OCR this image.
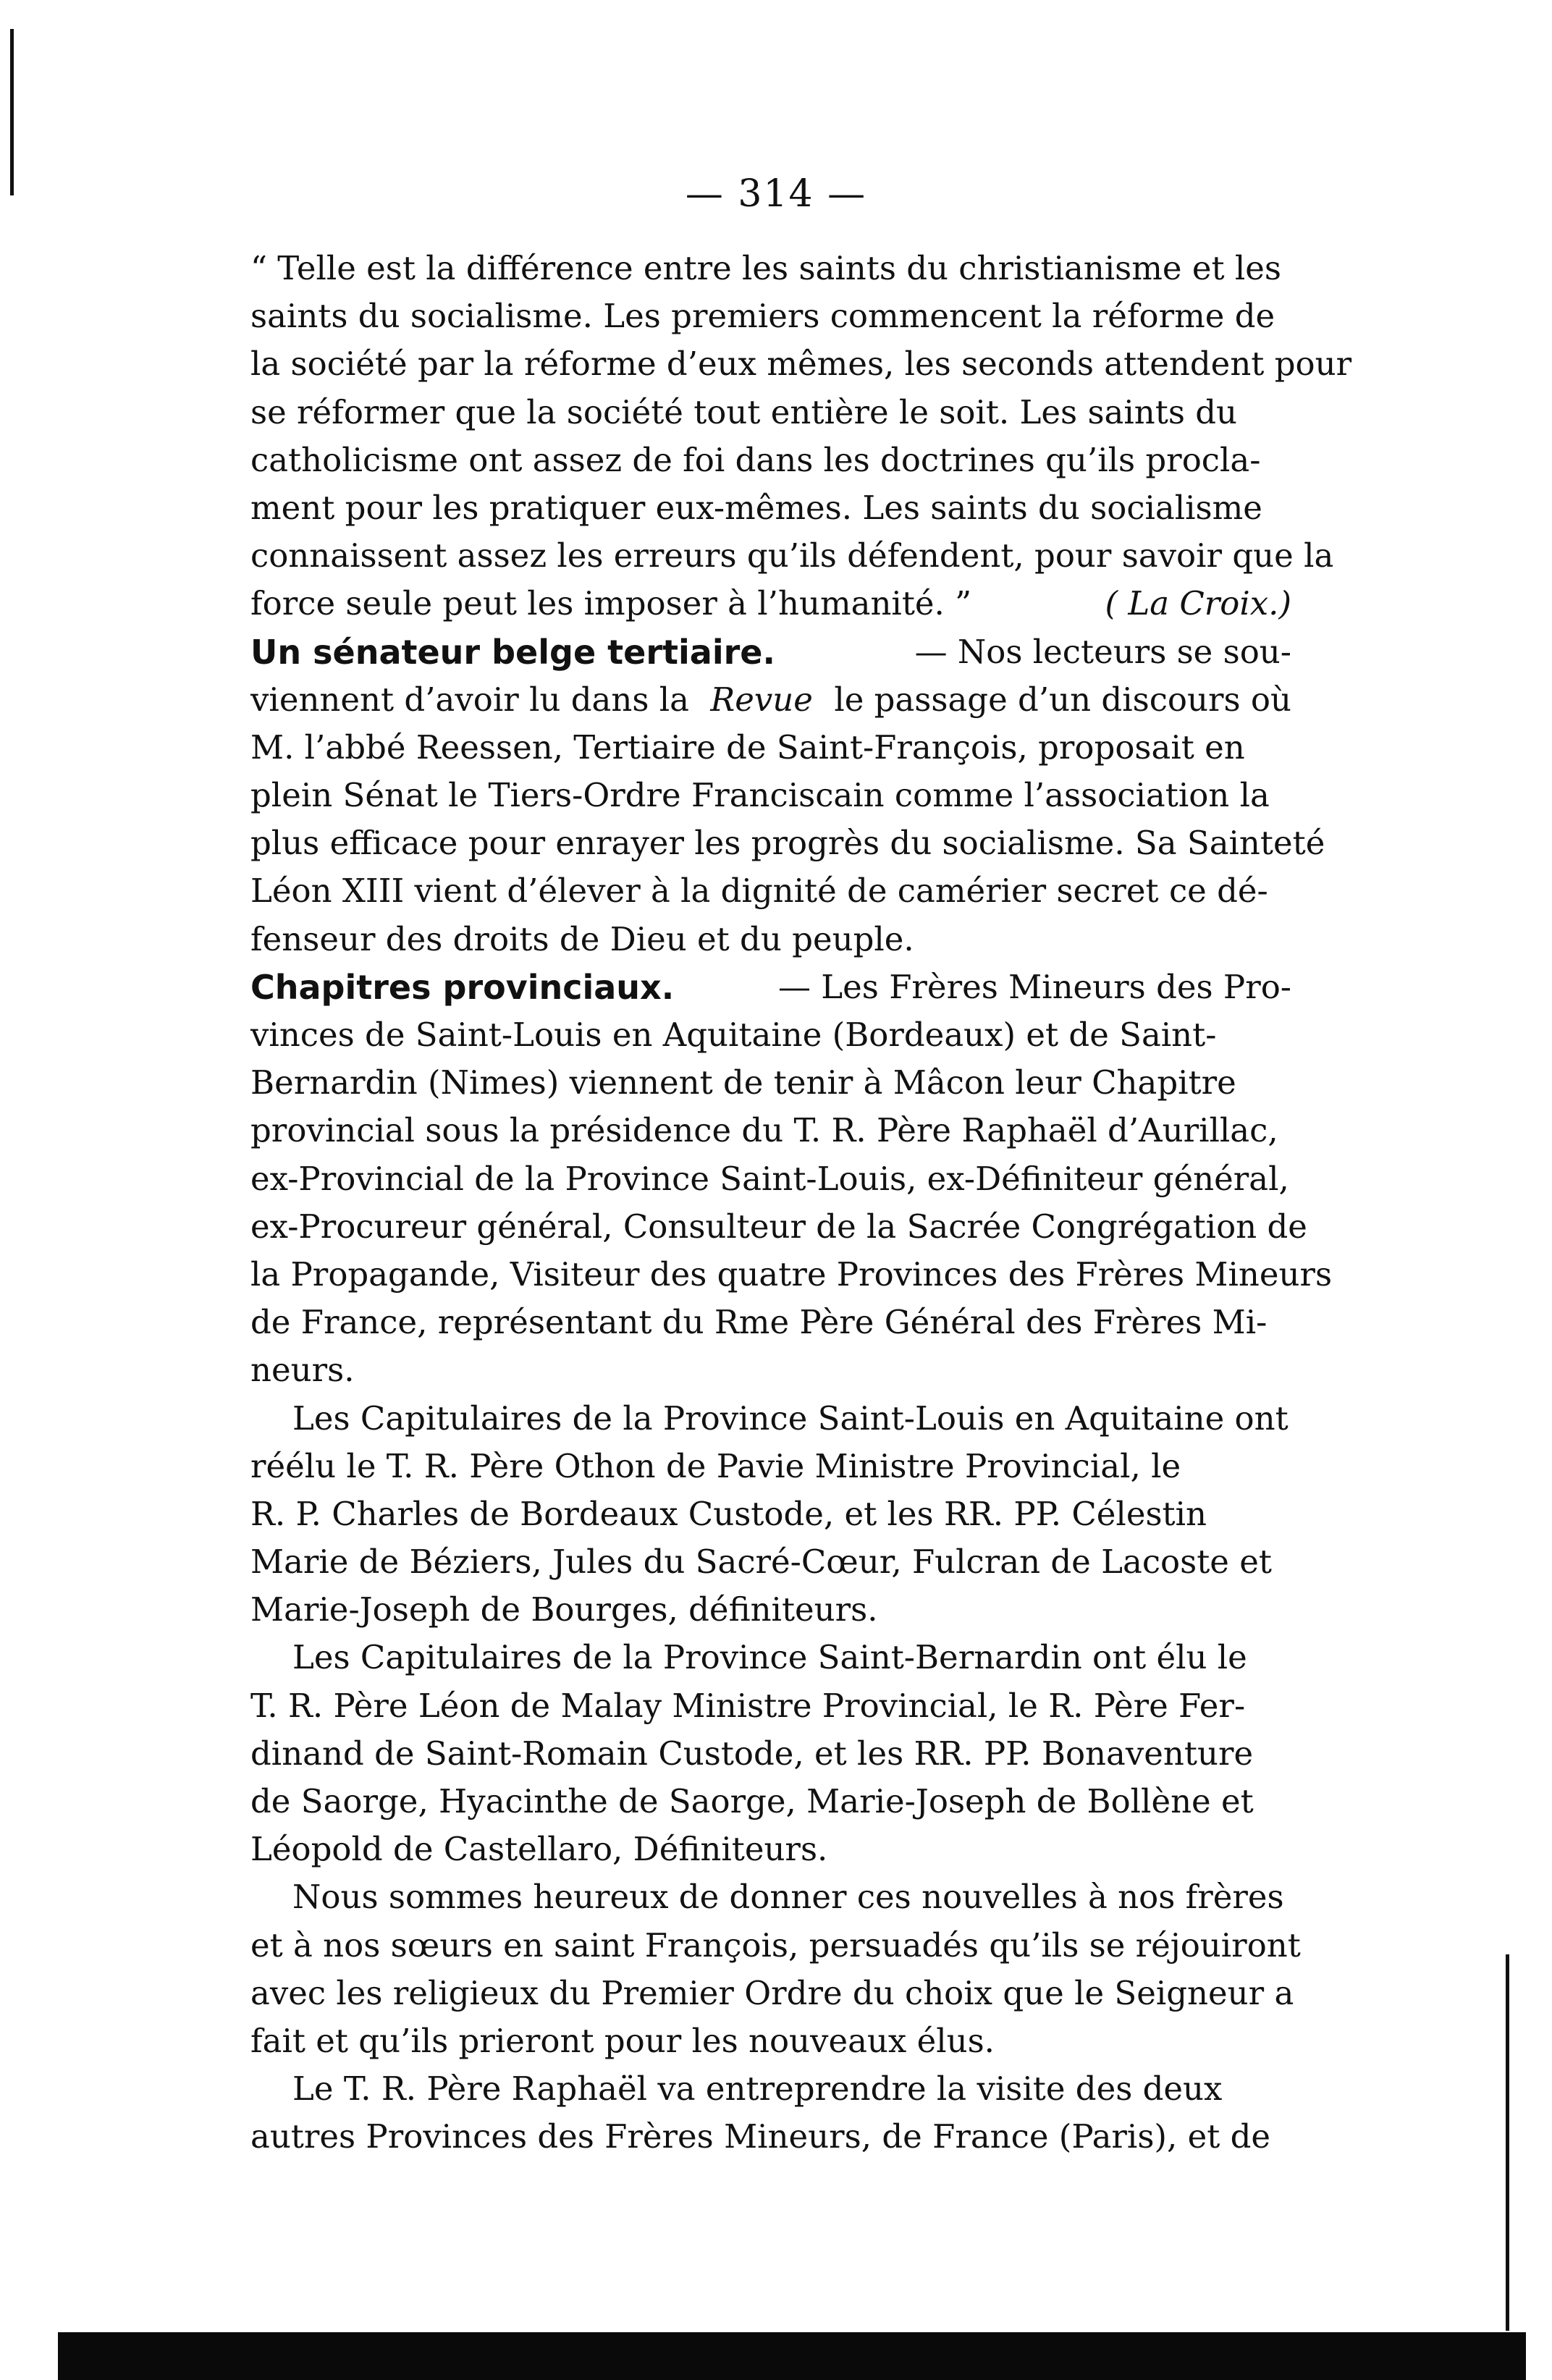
— 314 —
“ Telle est la différence entre les saints du christianisme et les
saints du socialisme. Les premiers commencent la réforme de
la société par la réforme d’eux mêmes, les seconds attendent pour
se réformer que la société tout entière le soit. Les saints du
catholicisme ont assez de foi dans les doctrines qu’ils procla-
ment pour les pratiquer eux-mêmes. Les saints du socialisme
connaissent assez les erreurs qu’ils défendent, pour savoir que la
force seule peut les imposer à l’humanité. ”	( La Croix.)
Un sénateur belge tertiaire.	— Nos lecteurs se sou-
viennent d’avoir lu dans la Revue le passage d’un discours où
M. l’abbé Reessen, Tertiaire de Saint-François, proposait en
plein Sénat le Tiers-Ordre Franciscain comme l’association la
plus efficace pour enrayer les progrès du socialisme. Sa Sainteté
Léon XIII vient d’élever à la dignité de camérier secret ce dé-
fenseur des droits de Dieu et du peuple.
Chapitres provinciaux.	— Les Frères Mineurs des Pro-
vinces de Saint-Louis en Aquitaine (Bordeaux) et de Saint-
Bernardin (Nimes) viennent de tenir à Mâcon leur Chapitre
provincial sous la présidence du T. R. Père Raphaël d’Aurillac,
ex-Provincial de la Province Saint-Louis, ex-Définiteur général,
ex-Procureur général, Consulteur de la Sacrée Congrégation de
la Propagande, Visiteur des quatre Provinces des Frères Mineurs
de France, représentant du Rme Père Général des Frères Mi-
neurs.
Les Capitulaires de la Province Saint-Louis en Aquitaine ont
réélu le T. R. Père Othon de Pavie Ministre Provincial, le
R. P. Charles de Bordeaux Custode, et les RR. PP. Célestin
Marie de Béziers, Jules du Sacré-Cœur, Fulcran de Lacoste et
Marie-Joseph de Bourges, définiteurs.
Les Capitulaires de la Province Saint-Bernardin ont élu le
T. R. Père Léon de Malay Ministre Provincial, le R. Père Fer-
dinand de Saint-Romain Custode, et les RR. PP. Bonaventure
de Saorge, Hyacinthe de Saorge, Marie-Joseph de Bollène et
Léopold de Castellaro, Définiteurs.
Nous sommes heureux de donner ces nouvelles à nos frères
et à nos sœurs en saint François, persuadés qu’ils se réjouiront
avec les religieux du Premier Ordre du choix que le Seigneur a
fait et qu’ils prieront pour les nouveaux élus.
Le T. R. Père Raphaël va entreprendre la visite des deux
autres Provinces des Frères Mineurs, de France (Paris), et de
